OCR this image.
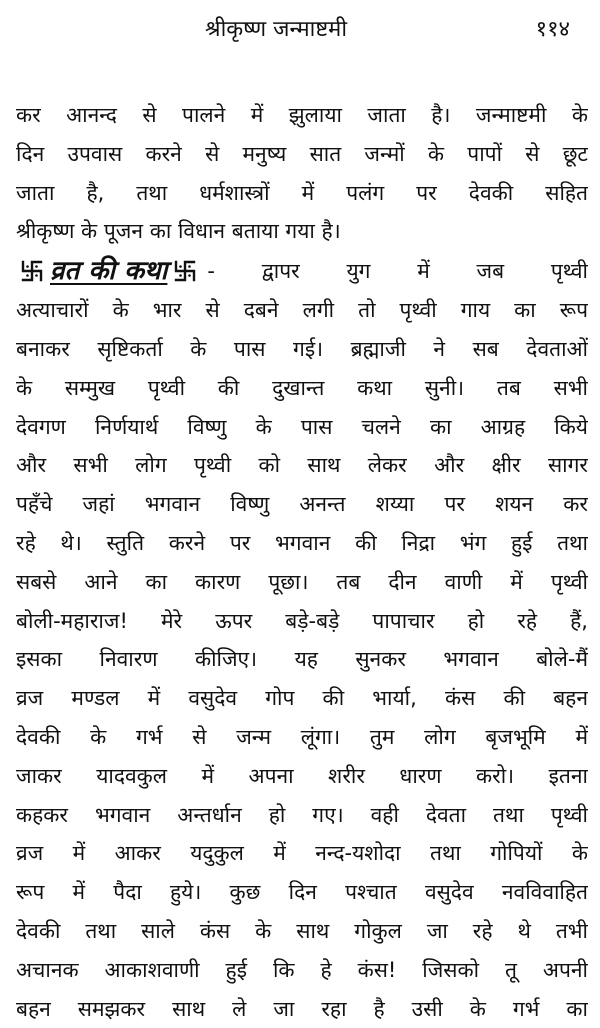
श्रीकृष्ण जन्माष्टमी	११४
कर आनन्द से पालने में झुलाया जाता है। जन्माष्टमी के
दिन उपवास करने से मनुष्य सात जन्मों के पापों से छूट
जाता है, तथा धर्मशास्त्रों में पलंग पर देवकी सहित
श्रीकृष्ण के पूजन का विधान बताया गया है।
व्रत की कथा - द्वापर युग में जब पृथ्वी
अत्याचारों के भार से दबने लगी तो पृथ्वी गाय का रूप
बनाकर सृष्टिकर्ता के पास गई। ब्रह्माजी ने सब देवताओं
के सम्मुख पृथ्वी की दुखान्त कथा सुनी। तब सभी
देवगण निर्णयार्थ विष्णु के पास चलने का आग्रह किये
और सभी लोग पृथ्वी को साथ लेकर और क्षीर सागर
पहँचे जहां भगवान विष्णु अनन्त शय्या पर शयन कर
रहे थे। स्तुति करने पर भगवान की निद्रा भंग हुई तथा
सबसे आने का कारण पूछा। तब दीन वाणी में पृथ्वी
बोली-महाराज! मेरे ऊपर बड़े-बड़े पापाचार हो रहे हैं,
इसका निवारण कीजिए। यह सुनकर भगवान बोले-मैं
व्रज मण्डल में वसुदेव गोप की भार्या, कंस की बहन
देवकी के गर्भ से जन्म लूंगा। तुम लोग बृजभूमि में
जाकर यादवकुल में अपना शरीर धारण करो। इतना
कहकर भगवान अन्तर्धान हो गए। वही देवता तथा पृथ्वी
व्रज में आकर यदुकुल में नन्द-यशोदा तथा गोपियों के
रूप में पैदा हुये। कुछ दिन पश्चात वसुदेव नवविवाहित
देवकी तथा साले कंस के साथ गोकुल जा रहे थे तभी
अचानक आकाशवाणी हुई कि हे कंस! जिसको तू अपनी
बहन समझकर साथ ले जा रहा है उसी के गर्भ का
